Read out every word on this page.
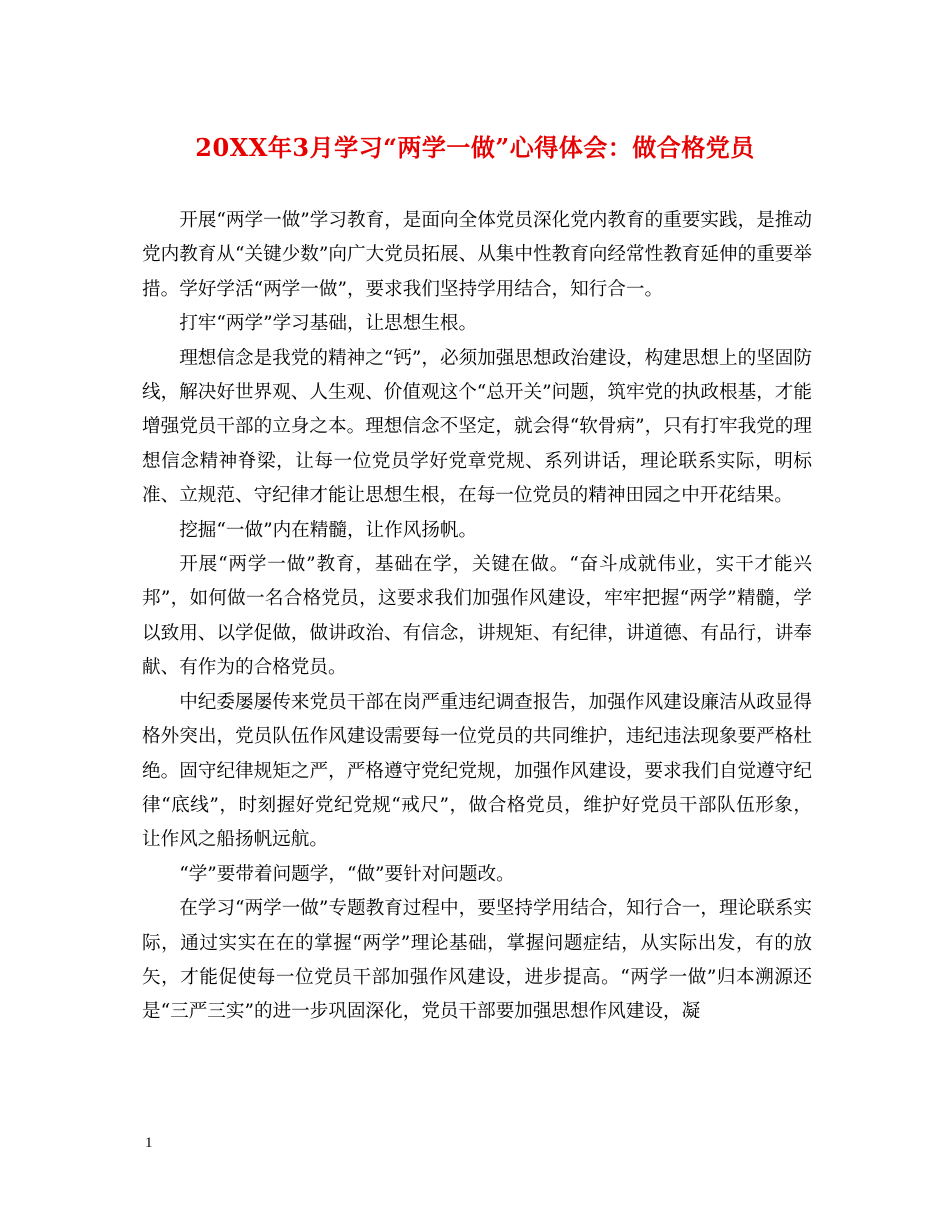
20XX年3月学习“两学一做”心得体会：做合格党员

开展“两学一做”学习教育，是面向全体党员深化党内教育的重要实践，是推动党内教育从“关键少数”向广大党员拓展、从集中性教育向经常性教育延伸的重要举措。学好学活“两学一做”，要求我们坚持学用结合，知行合一。

打牢“两学”学习基础，让思想生根。

理想信念是我党的精神之“钙”，必须加强思想政治建设，构建思想上的坚固防线，解决好世界观、人生观、价值观这个“总开关”问题，筑牢党的执政根基，才能增强党员干部的立身之本。理想信念不坚定，就会得“软骨病”，只有打牢我党的理想信念精神脊梁，让每一位党员学好党章党规、系列讲话，理论联系实际，明标准、立规范、守纪律才能让思想生根，在每一位党员的精神田园之中开花结果。

挖掘“一做”内在精髓，让作风扬帆。

开展“两学一做”教育，基础在学，关键在做。“奋斗成就伟业，实干才能兴邦”，如何做一名合格党员，这要求我们加强作风建设，牢牢把握“两学”精髓，学以致用、以学促做，做讲政治、有信念，讲规矩、有纪律，讲道德、有品行，讲奉献、有作为的合格党员。

中纪委屡屡传来党员干部在岗严重违纪调查报告，加强作风建设廉洁从政显得格外突出，党员队伍作风建设需要每一位党员的共同维护，违纪违法现象要严格杜绝。固守纪律规矩之严，严格遵守党纪党规，加强作风建设，要求我们自觉遵守纪律“底线”，时刻握好党纪党规“戒尺”，做合格党员，维护好党员干部队伍形象，让作风之船扬帆远航。

“学”要带着问题学，“做”要针对问题改。

在学习“两学一做”专题教育过程中，要坚持学用结合，知行合一，理论联系实际，通过实实在在的掌握“两学”理论基础，掌握问题症结，从实际出发，有的放矢，才能促使每一位党员干部加强作风建设，进步提高。“两学一做”归本溯源还是“三严三实”的进一步巩固深化，党员干部要加强思想作风建设，凝

1
